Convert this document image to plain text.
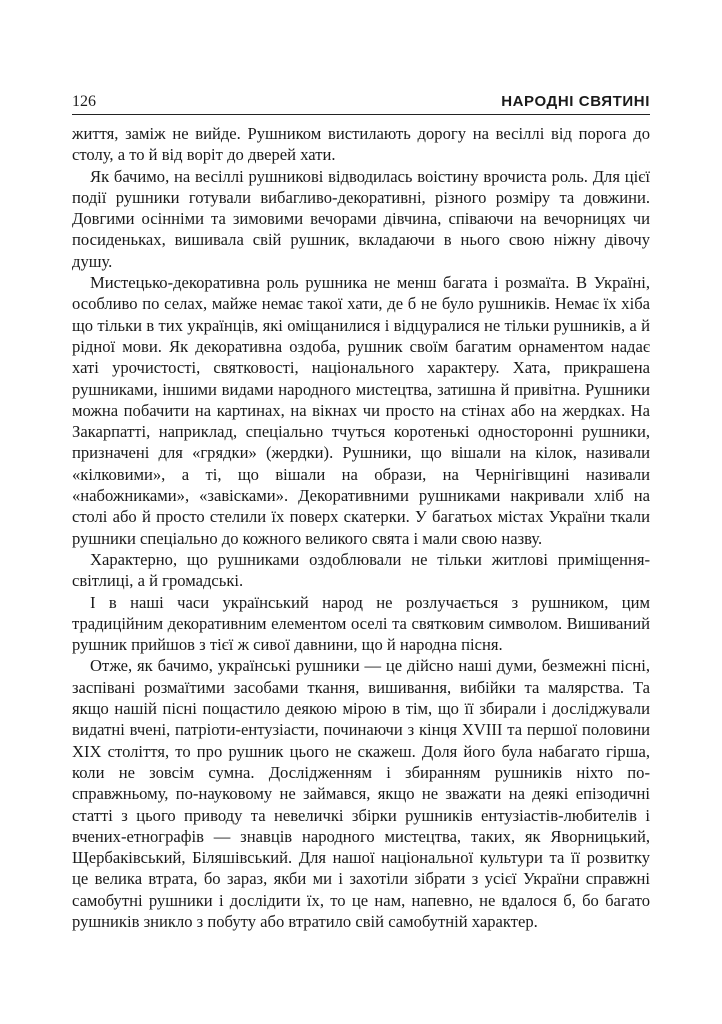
126	НАРОДНІ СВЯТИНІ

життя, заміж не вийде. Рушником вистилають дорогу на весіллі від порога до столу, а то й від воріт до дверей хати.

Як бачимо, на весіллі рушникові відводилась воістину врочиста роль. Для цієї події рушники готували вибагливо-декоративні, різного розміру та довжини. Довгими осінніми та зимовими вечорами дівчина, співаючи на вечорницях чи посиденьках, вишивала свій рушник, вкладаючи в нього свою ніжну дівочу душу.

Мистецько-декоративна роль рушника не менш багата і розмаїта. В Україні, особливо по селах, майже немає такої хати, де б не було рушників. Немає їх хіба що тільки в тих українців, які оміщанилися і відцуралися не тільки рушників, а й рідної мови. Як декоративна оздоба, рушник своїм багатим орнаментом надає хаті урочистості, святковості, національного характеру. Хата, прикрашена рушниками, іншими видами народного мистецтва, затишна й привітна. Рушники можна побачити на картинах, на вікнах чи просто на стінах або на жердках. На Закарпатті, наприклад, спеціально тчуться коротенькі односторонні рушники, призначені для «грядки» (жердки). Рушники, що вішали на кілок, називали «кілковими», а ті, що вішали на образи, на Чернігівщині називали «набожниками», «завісками». Декоративними рушниками накривали хліб на столі або й просто стелили їх поверх скатерки. У багатьох містах України ткали рушники спеціально до кожного великого свята і мали свою назву.

Характерно, що рушниками оздоблювали не тільки житлові приміщення-світлиці, а й громадські.

І в наші часи український народ не розлучається з рушником, цим традиційним декоративним елементом оселі та святковим символом. Вишиваний рушник прийшов з тієї ж сивої давнини, що й народна пісня.

Отже, як бачимо, українські рушники — це дійсно наші думи, безмежні пісні, заспівані розмаїтими засобами ткання, вишивання, вибійки та малярства. Та якщо нашій пісні пощастило деякою мірою в тім, що її збирали і досліджували видатні вчені, патріоти-ентузіасти, починаючи з кінця XVIII та першої половини XIX століття, то про рушник цього не скажеш. Доля його була набагато гірша, коли не зовсім сумна. Дослідженням і збиранням рушників ніхто по-справжньому, по-науковому не займався, якщо не зважати на деякі епізодичні статті з цього приводу та невеличкі збірки рушників ентузіастів-любителів і вчених-етнографів — знавців народного мистецтва, таких, як Яворницький, Щербаківський, Біляшівський. Для нашої національної культури та її розвитку це велика втрата, бо зараз, якби ми і захотіли зібрати з усієї України справжні самобутні рушники і дослідити їх, то це нам, напевно, не вдалося б, бо багато рушників зникло з побуту або втратило свій самобутній характер.
